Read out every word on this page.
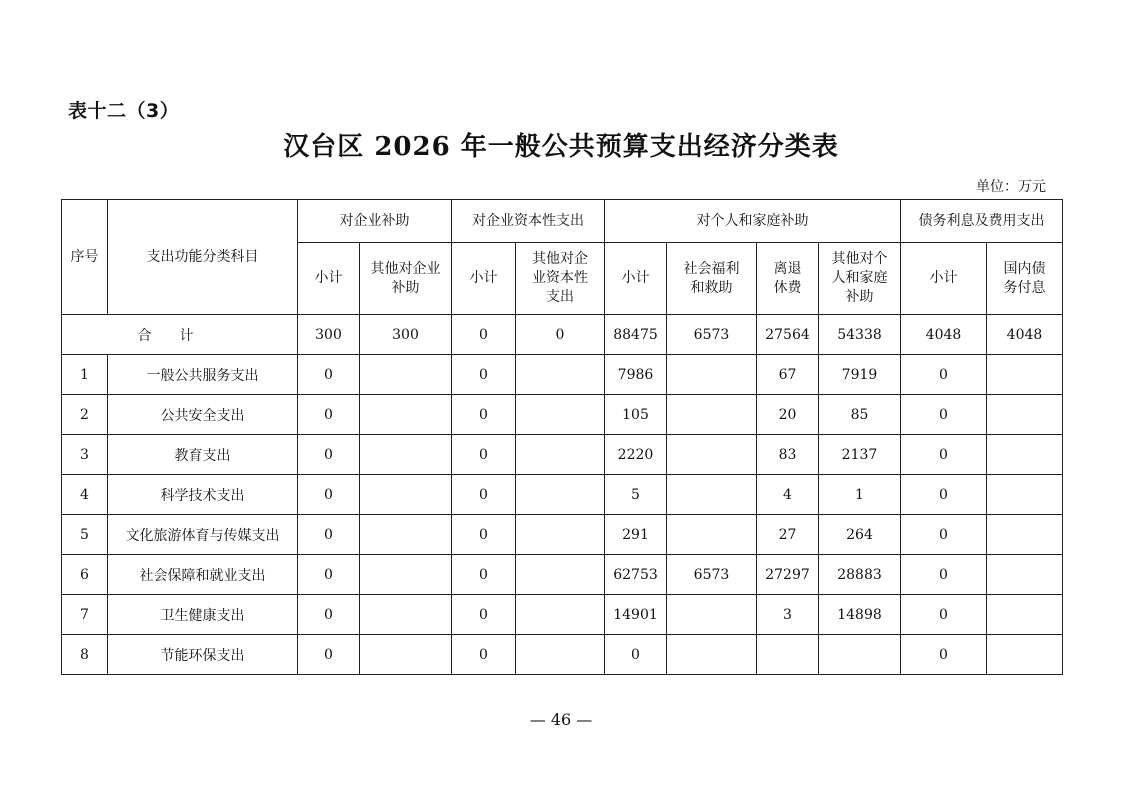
表十二（3）
汉台区 2026 年一般公共预算支出经济分类表
单位：万元
序号	支出功能分类科目	对企业补助		对企业资本性支出		对个人和家庭补助				债务利息及费用支出	
		小计	其他对企业补助	小计	其他对企业资本性支出	小计	社会福利和救助	离退休费	其他对个人和家庭补助	小计	国内债务付息
合计		300	300	0	0	88475	6573	27564	54338	4048	4048
1	一般公共服务支出	0		0		7986		67	7919	0	
2	公共安全支出	0		0		105		20	85	0	
3	教育支出	0		0		2220		83	2137	0	
4	科学技术支出	0		0		5		4	1	0	
5	文化旅游体育与传媒支出	0		0		291		27	264	0	
6	社会保障和就业支出	0		0		62753	6573	27297	28883	0	
7	卫生健康支出	0		0		14901		3	14898	0	
8	节能环保支出	0		0		0				0	
— 46 —
